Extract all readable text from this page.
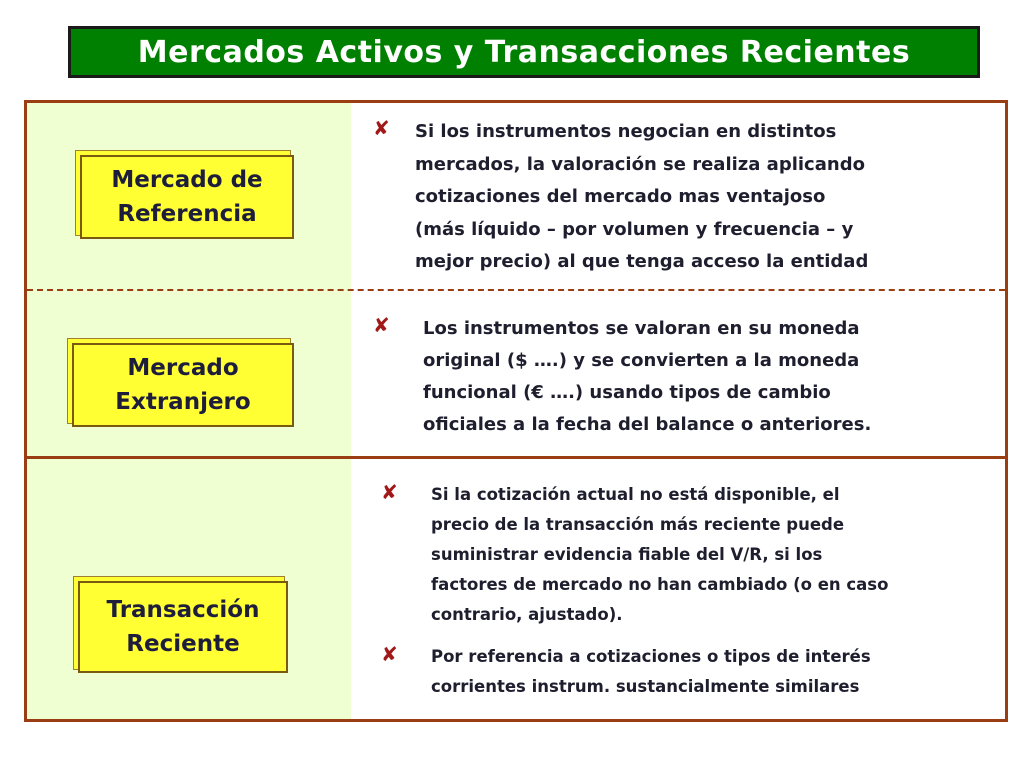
Mercados Activos y Transacciones Recientes
Mercado de
Referencia
✘	Si los instrumentos negocian en distintos
mercados, la valoración se realiza aplicando
cotizaciones del mercado mas ventajoso
(más líquido – por volumen y frecuencia – y
mejor precio) al que tenga acceso la entidad
Mercado
Extranjero
✘	Los instrumentos se valoran en su moneda
original ($ ….) y se convierten a la moneda
funcional (€ ….) usando tipos de cambio
oficiales a la fecha del balance o anteriores.
Transacción
Reciente
✘	Si la cotización actual no está disponible, el
precio de la transacción más reciente puede
suministrar evidencia fiable del V/R, si los
factores de mercado no han cambiado (o en caso
contrario, ajustado).
✘	Por referencia a cotizaciones o tipos de interés
corrientes instrum. sustancialmente similares
